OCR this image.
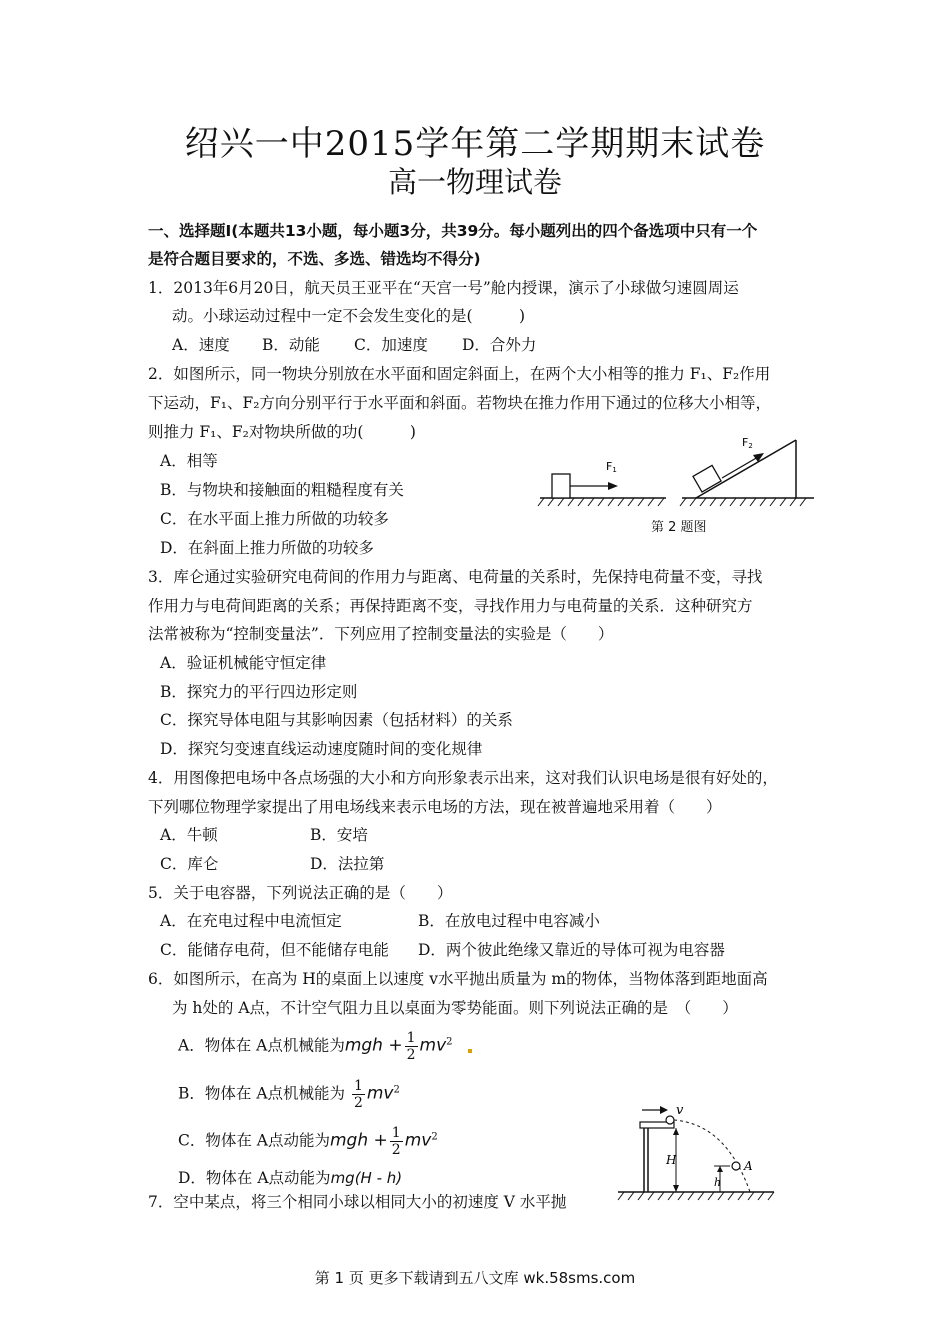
绍兴一中2015学年第二学期期末试卷
高一物理试卷
一、选择题I(本题共13小题，每小题3分，共39分。每小题列出的四个备选项中只有一个
是符合题目要求的，不选、多选、错选均不得分)
1．2013年6月20日，航天员王亚平在“天宫一号”舱内授课，演示了小球做匀速圆周运
动。小球运动过程中一定不会发生变化的是(　　　)
A．速度 B．动能 C．加速度 D．合外力
2．如图所示，同一物块分别放在水平面和固定斜面上，在两个大小相等的推力 F₁、F₂作用
下运动，F₁、F₂方向分别平行于水平面和斜面。若物块在推力作用下通过的位移大小相等，
则推力 F₁、F₂对物块所做的功(　　　)
A．相等
B．与物块和接触面的粗糙程度有关
C．在水平面上推力所做的功较多
D．在斜面上推力所做的功较多
F1
F2
第 2 题图
3．库仑通过实验研究电荷间的作用力与距离、电荷量的关系时，先保持电荷量不变，寻找
作用力与电荷间距离的关系；再保持距离不变，寻找作用力与电荷量的关系．这种研究方
法常被称为“控制变量法”．下列应用了控制变量法的实验是（　　）
A．验证机械能守恒定律
B．探究力的平行四边形定则
C．探究导体电阻与其影响因素（包括材料）的关系
D．探究匀变速直线运动速度随时间的变化规律
4．用图像把电场中各点场强的大小和方向形象表示出来，这对我们认识电场是很有好处的，
下列哪位物理学家提出了用电场线来表示电场的方法，现在被普遍地采用着（　　）
A．牛顿	B．安培
C．库仑	D．法拉第
5．关于电容器，下列说法正确的是（　　）
A．在充电过程中电流恒定	B．在放电过程中电容减小
C．能储存电荷，但不能储存电能 D．两个彼此绝缘又靠近的导体可视为电容器
6．如图所示，在高为 H的桌面上以速度 v水平抛出质量为 m的物体，当物体落到距地面高
为 h处的 A点，不计空气阻力且以桌面为零势能面。则下列说法正确的是　（　　）
A．物体在 A点机械能为mgh + $\frac{1}{2} mv^2$
B．物体在 A点机械能为 $\frac{1}{2} mv^2$
C．物体在 A点动能为mgh + $\frac{1}{2} mv^2$
D．物体在 A点动能为mg(H - h)
v
H	A
h
7．空中某点，将三个相同小球以相同大小的初速度 V 水平抛
第 1 页 更多下载请到五八文库 wk.58sms.com
